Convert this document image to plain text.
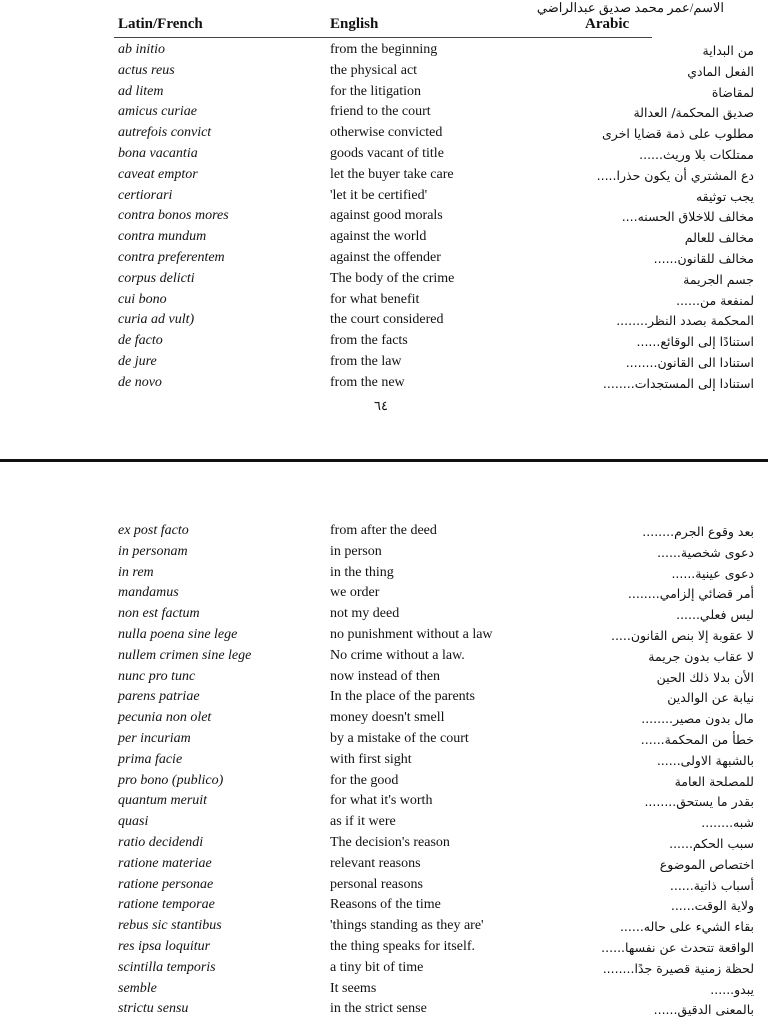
الاسم/عمر محمد صديق عبدالراضي
Latin/French	English	Arabic
ab initio	from the beginning	من البداية
actus reus	the physical act	الفعل المادي
ad litem	for the litigation	لمقاضاة
amicus curiae	friend to the court	صديق المحكمة/ العدالة
autrefois convict	otherwise convicted	مطلوب على ذمة قضايا اخرى
bona vacantia	goods vacant of title	ممتلكات بلا وريث......
caveat emptor	let the buyer take care	دع المشتري أن يكون حذرا.....
certiorari	'let it be certified'	يجب توثيقه
contra bonos mores	against good morals	مخالف للاخلاق الحسنه....
contra mundum	against the world	مخالف للعالم
contra preferentem	against the offender	مخالف للقانون......
corpus delicti	The body of the crime	جسم الجريمة
cui bono	for what benefit	لمنفعة من......
curia ad vult)	the court considered	المحكمة بصدد النظر........
de facto	from the facts	استنادًا إلى الوقائع......
de jure	from the law	استنادا الى القانون........
de novo	from the new	استنادا إلى المستجدات........
٦٤
ex post facto	from after the deed	بعد وقوع الجرم........
in personam	in person	دعوى شخصية......
in rem	in the thing	دعوى عينية......
mandamus	we order	أمر قضائي إلزامي........
non est factum	not my deed	ليس فعلي......
nulla poena sine lege	no punishment without a law	لا عقوبة إلا بنص القانون.....
nullem crimen sine lege	No crime without a law.	لا عقاب بدون جريمة
nunc pro tunc	now instead of then	الأن بدلا ذلك الحين
parens patriae	In the place of the parents	نيابة عن الوالدين
pecunia non olet	money doesn't smell	مال بدون مصير........
per incuriam	by a mistake of the court	خطأ من المحكمة......
prima facie	with first sight	بالشبهة الاولى......
pro bono (publico)	for the good	للمصلحة العامة
quantum meruit	for what it's worth	بقدر ما يستحق........
quasi	as if it were	شبه........
ratio decidendi	The decision's reason	سبب الحكم......
ratione materiae	relevant reasons	اختصاص الموضوع
ratione personae	personal reasons	أسباب ذاتية......
ratione temporae	Reasons of the time	ولاية الوقت......
rebus sic stantibus	'things standing as they are'	بقاء الشيء على حاله......
res ipsa loquitur	the thing speaks for itself.	الواقعة تتحدث عن نفسها......
scintilla temporis	a tiny bit of time	لحظة زمنية قصيرة جدًا........
semble	It seems	يبدو......
strictu sensu	in the strict sense	بالمعنى الدقيق......
